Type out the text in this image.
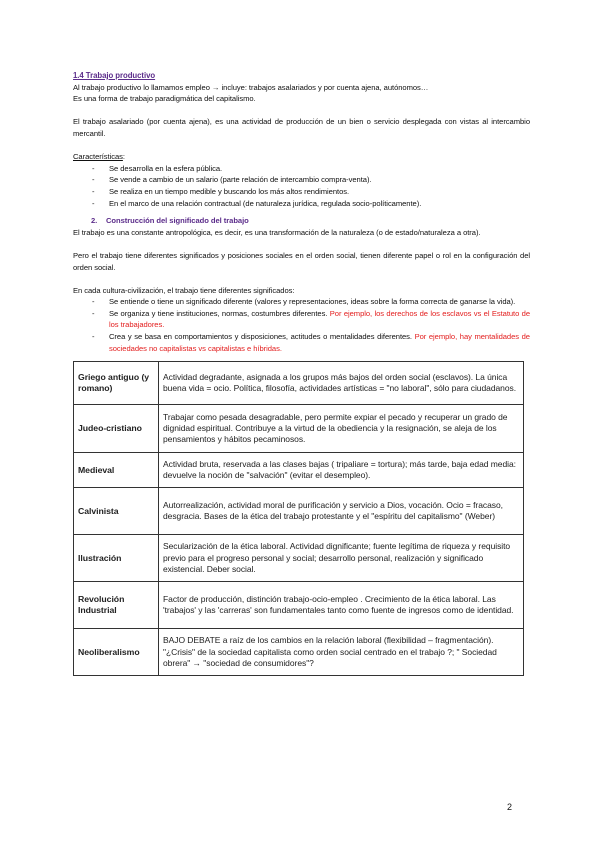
1.4 Trabajo productivo

Al trabajo productivo lo llamamos empleo → incluye: trabajos asalariados y por cuenta ajena, autónomos…

Es una forma de trabajo paradigmática del capitalismo.

El trabajo asalariado (por cuenta ajena), es una actividad de producción de un bien o servicio desplegada con vistas al intercambio mercantil.

Características:

- Se desarrolla en la esfera pública.
- Se vende a cambio de un salario (parte relación de intercambio compra-venta).
- Se realiza en un tiempo medible y buscando los más altos rendimientos.
- En el marco de una relación contractual (de naturaleza jurídica, regulada socio-políticamente).

2. Construcción del significado del trabajo

El trabajo es una constante antropológica, es decir, es una transformación de la naturaleza (o de estado/naturaleza a otra).

Pero el trabajo tiene diferentes significados y posiciones sociales en el orden social, tienen diferente papel o rol en la configuración del orden social.

En cada cultura-civilización, el trabajo tiene diferentes significados:

- Se entiende o tiene un significado diferente (valores y representaciones, ideas sobre la forma correcta de ganarse la vida).
- Se organiza y tiene instituciones, normas, costumbres diferentes. Por ejemplo, los derechos de los esclavos vs el Estatuto de los trabajadores.
- Crea y se basa en comportamientos y disposiciones, actitudes o mentalidades diferentes. Por ejemplo, hay mentalidades de sociedades no capitalistas vs capitalistas e híbridas.
Griego antiguo (y romano)	Actividad degradante, asignada a los grupos más bajos del orden social (esclavos). La única buena vida = ocio. Política, filosofía, actividades artísticas = "no laboral", sólo para ciudadanos.
Judeo-cristiano	Trabajar como pesada desagradable, pero permite expiar el pecado y recuperar un grado de dignidad espiritual. Contribuye a la virtud de la obediencia y la resignación, se aleja de los pensamientos y hábitos pecaminosos.
Medieval	Actividad bruta, reservada a las clases bajas ( tripaliare = tortura); más tarde, baja edad media: devuelve la noción de "salvación" (evitar el desempleo).
Calvinista	Autorrealización, actividad moral de purificación y servicio a Dios, vocación. Ocio = fracaso, desgracia. Bases de la ética del trabajo protestante y el "espíritu del capitalismo" (Weber)
Ilustración	Secularización de la ética laboral. Actividad dignificante; fuente legítima de riqueza y requisito previo para el progreso personal y social; desarrollo personal, realización y significado existencial. Deber social.
Revolución Industrial	Factor de producción, distinción trabajo-ocio-empleo . Crecimiento de la ética laboral. Las 'trabajos' y las 'carreras' son fundamentales tanto como fuente de ingresos como de identidad.
Neoliberalismo	BAJO DEBATE a raíz de los cambios en la relación laboral (flexibilidad – fragmentación). "¿Crisis" de la sociedad capitalista como orden social centrado en el trabajo ?; " Sociedad obrera" → "sociedad de consumidores"?
2
